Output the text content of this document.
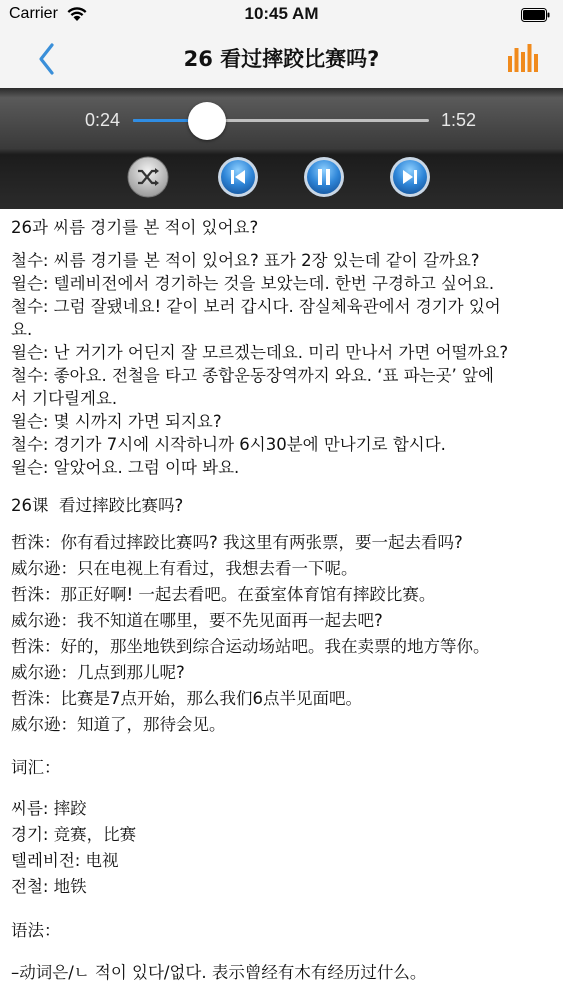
Carrier	10:45 AM
26 看过摔跤比赛吗?
0:24	1:52
26과 씨름 경기를 본 적이 있어요?
철수: 씨름 경기를 본 적이 있어요? 표가 2장 있는데 같이 갈까요?
윌슨: 텔레비전에서 경기하는 것을 보았는데. 한번 구경하고 싶어요.
철수: 그럼 잘됐네요! 같이 보러 갑시다. 잠실체육관에서 경기가 있어
요.
윌슨: 난 거기가 어딘지 잘 모르겠는데요. 미리 만나서 가면 어떨까요?
철수: 좋아요. 전철을 타고 종합운동장역까지 와요. ‘표 파는곳’ 앞에
서 기다릴게요.
윌슨: 몇 시까지 가면 되지요?
철수: 경기가 7시에 시작하니까 6시30분에 만나기로 합시다.
윌슨: 알았어요. 그럼 이따 봐요.
26课  看过摔跤比赛吗?
哲洙：你有看过摔跤比赛吗? 我这里有两张票，要一起去看吗?
威尔逊：只在电视上有看过，我想去看一下呢。
哲洙：那正好啊! 一起去看吧。在蚕室体育馆有摔跤比赛。
威尔逊：我不知道在哪里，要不先见面再一起去吧?
哲洙：好的，那坐地铁到综合运动场站吧。我在卖票的地方等你。
威尔逊：几点到那儿呢?
哲洙：比赛是7点开始，那么我们6点半见面吧。
威尔逊：知道了，那待会见。
词汇：
씨름: 摔跤
경기: 竞赛，比赛
텔레비전: 电视
전철: 地铁
语法：
–动词은/ㄴ 적이 있다/없다. 表示曾经有木有经历过什么。
